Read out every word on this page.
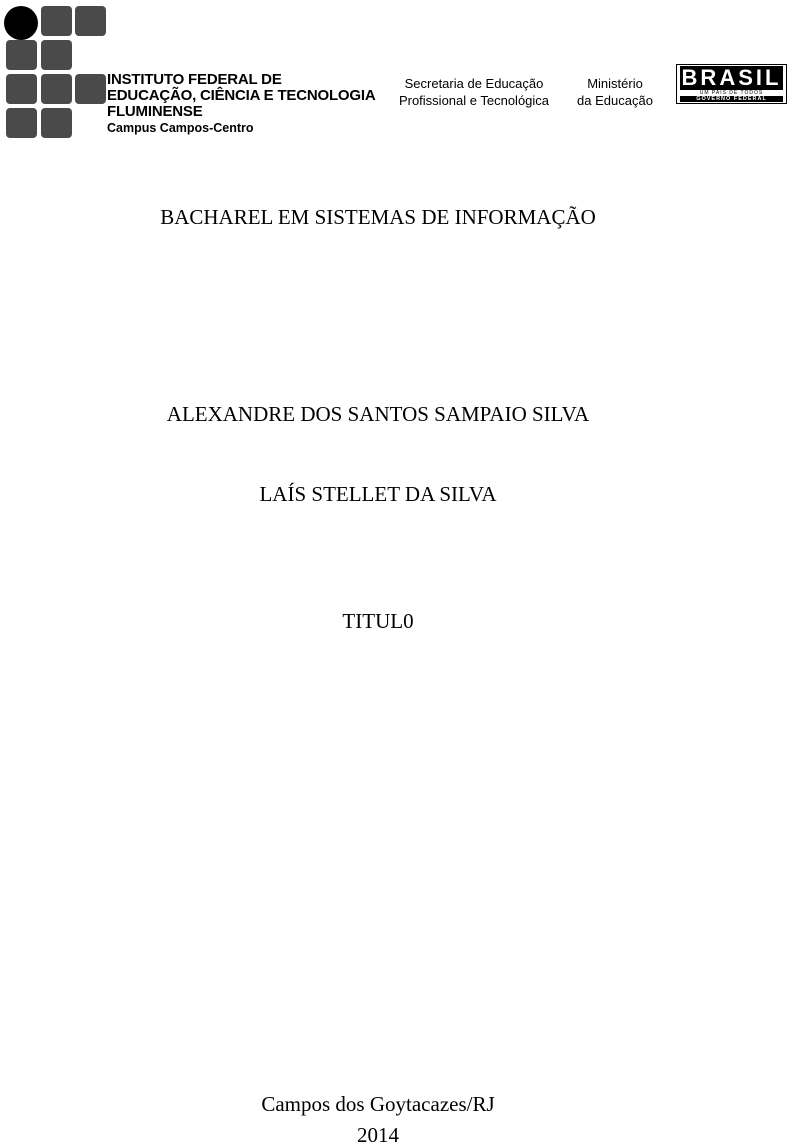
INSTITUTO FEDERAL DE
EDUCAÇÃO, CIÊNCIA E TECNOLOGIA
FLUMINENSE
Campus Campos-Centro
Secretaria de Educação
Profissional e Tecnológica
Ministério
da Educação
BRASIL
UM PAÍS DE TODOS
GOVERNO FEDERAL
BACHAREL EM SISTEMAS DE INFORMAÇÃO
ALEXANDRE DOS SANTOS SAMPAIO SILVA
LAÍS STELLET DA SILVA
TITUL0
Campos dos Goytacazes/RJ
2014
